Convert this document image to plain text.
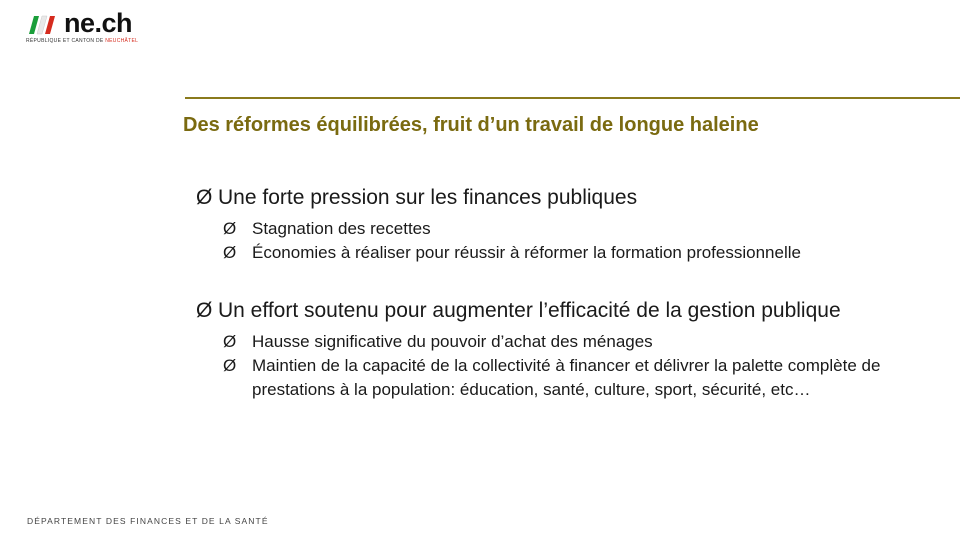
ne.ch
RÉPUBLIQUE ET CANTON DE NEUCHÂTEL
Des réformes équilibrées, fruit d’un travail de longue haleine
Ø Une forte pression sur les finances publiques
Ø Stagnation des recettes
Ø Économies à réaliser pour réussir à réformer la formation professionnelle
Ø Un effort soutenu pour augmenter l’efficacité de la gestion publique
Ø Hausse significative du pouvoir d’achat des ménages
Ø Maintien de la capacité de la collectivité à financer et délivrer la palette complète de prestations à la population: éducation, santé, culture, sport, sécurité, etc…
DÉPARTEMENT DES FINANCES ET DE LA SANTÉ
